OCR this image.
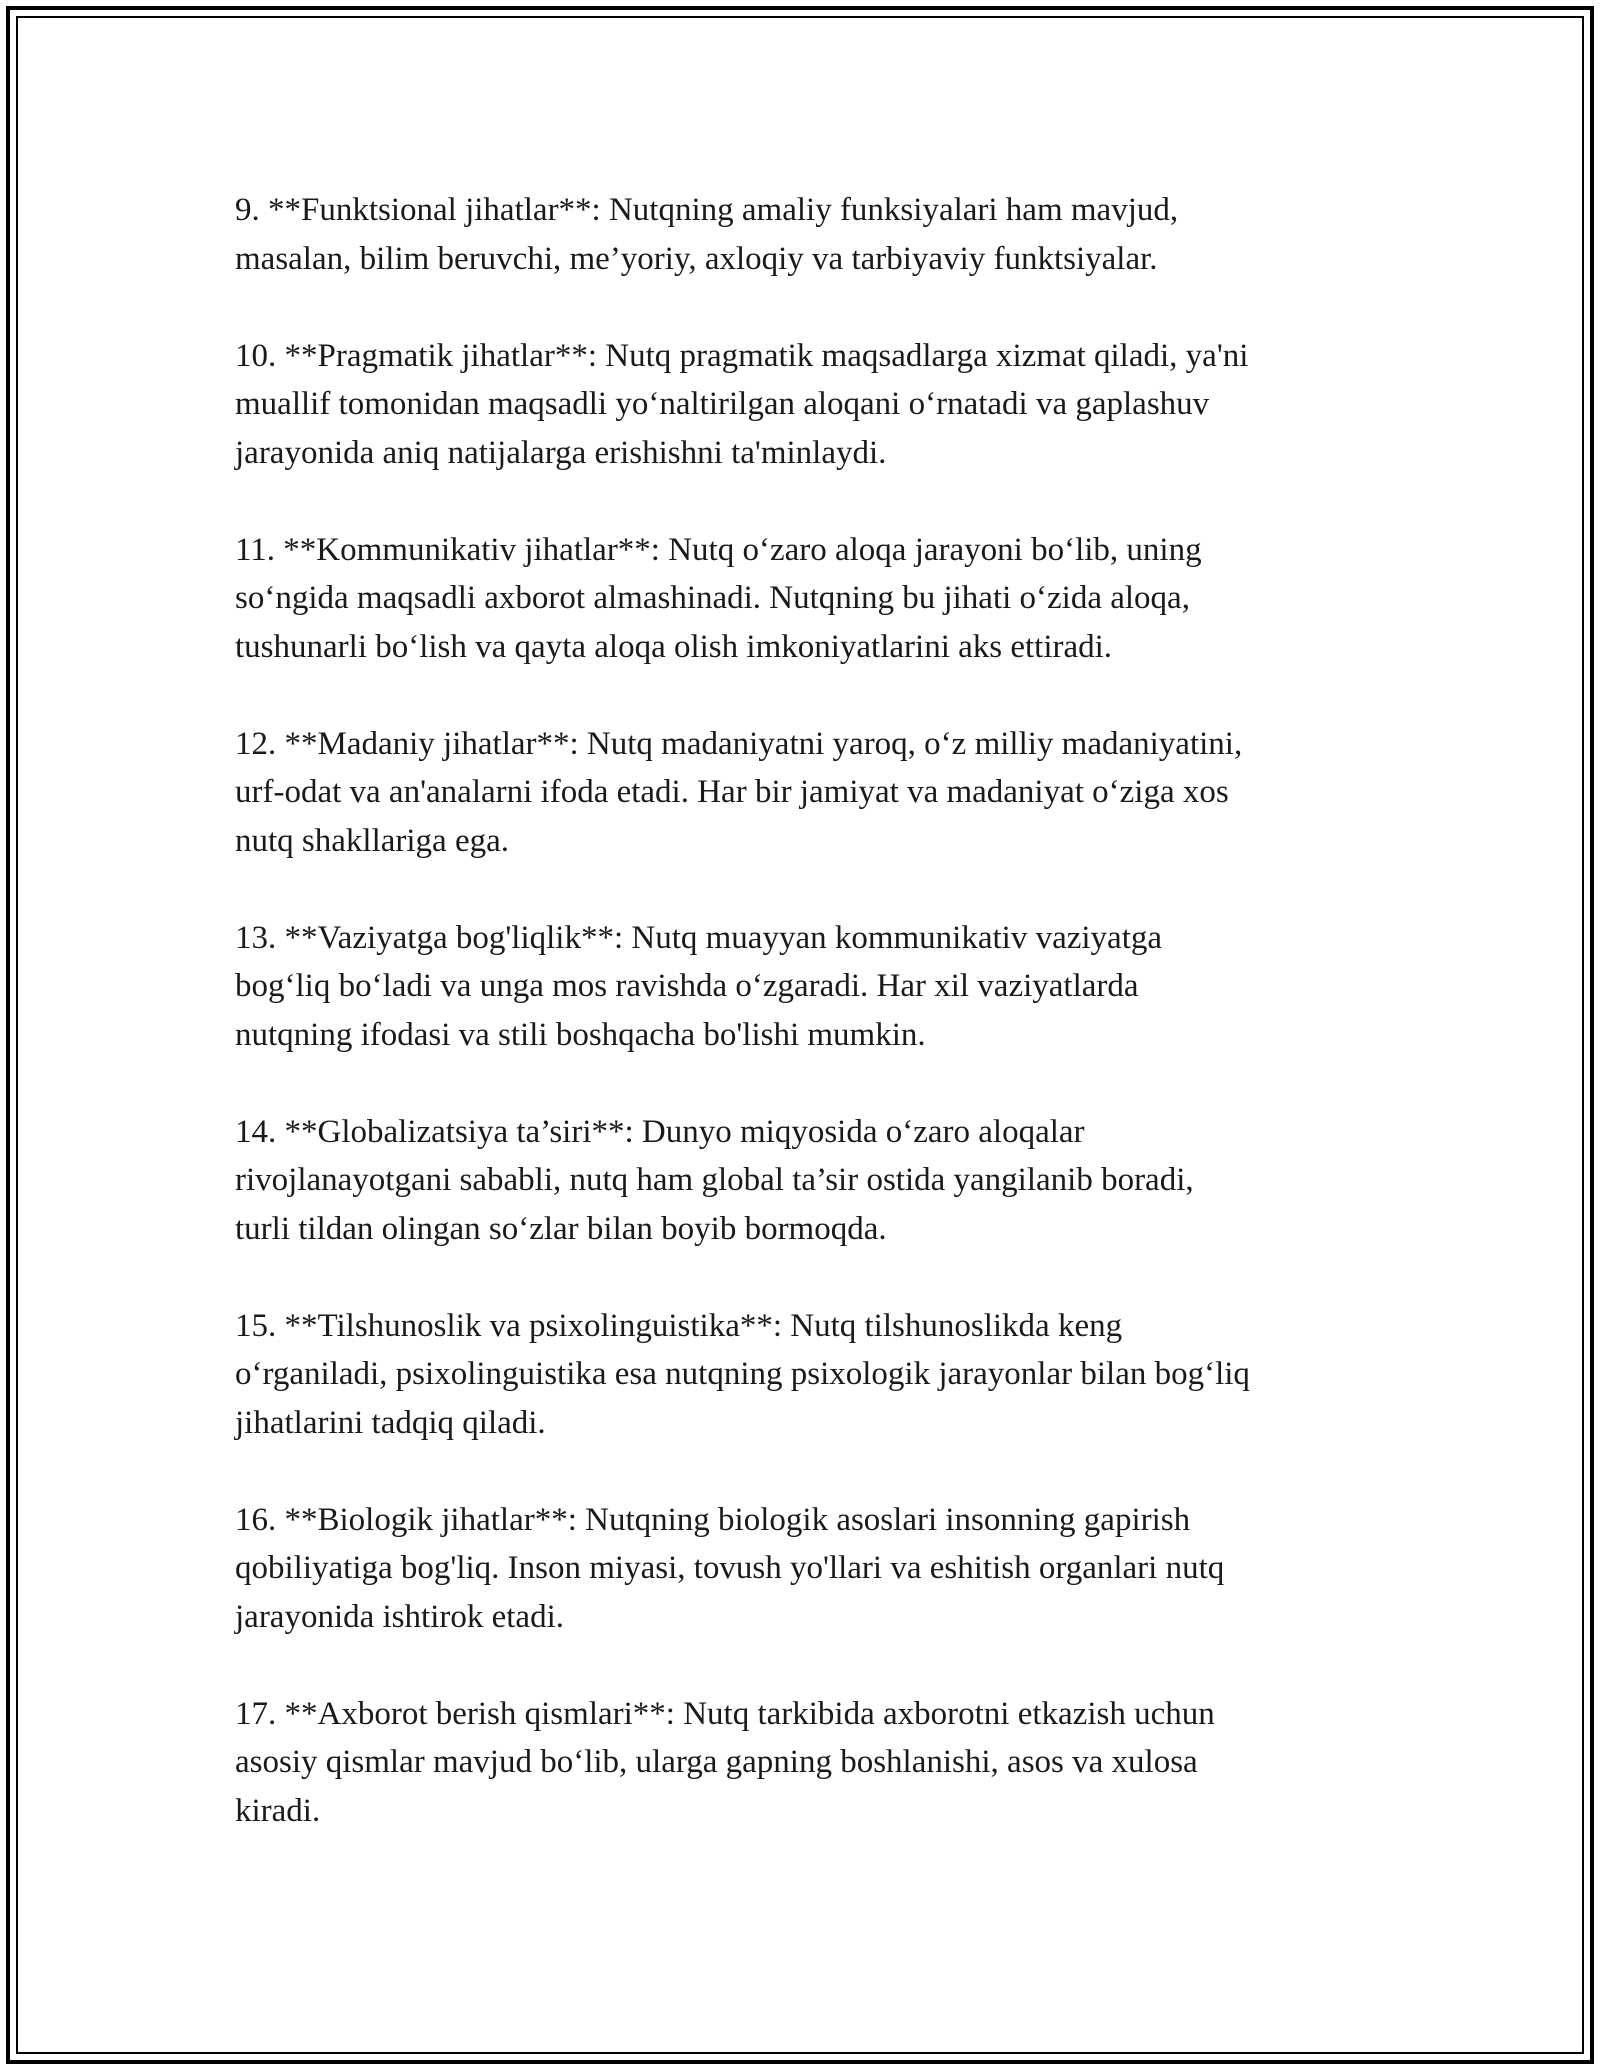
9. **Funktsional jihatlar**: Nutqning amaliy funksiyalari ham mavjud,
masalan, bilim beruvchi, me’yoriy, axloqiy va tarbiyaviy funktsiyalar.
10. **Pragmatik jihatlar**: Nutq pragmatik maqsadlarga xizmat qiladi, ya'ni
muallif tomonidan maqsadli yo‘naltirilgan aloqani o‘rnatadi va gaplashuv
jarayonida aniq natijalarga erishishni ta'minlaydi.
11. **Kommunikativ jihatlar**: Nutq o‘zaro aloqa jarayoni bo‘lib, uning
so‘ngida maqsadli axborot almashinadi. Nutqning bu jihati o‘zida aloqa,
tushunarli bo‘lish va qayta aloqa olish imkoniyatlarini aks ettiradi.
12. **Madaniy jihatlar**: Nutq madaniyatni yaroq, o‘z milliy madaniyatini,
urf-odat va an'analarni ifoda etadi. Har bir jamiyat va madaniyat o‘ziga xos
nutq shakllariga ega.
13. **Vaziyatga bog'liqlik**: Nutq muayyan kommunikativ vaziyatga
bog‘liq bo‘ladi va unga mos ravishda o‘zgaradi. Har xil vaziyatlarda
nutqning ifodasi va stili boshqacha bo'lishi mumkin.
14. **Globalizatsiya ta’siri**: Dunyo miqyosida o‘zaro aloqalar
rivojlanayotgani sababli, nutq ham global ta’sir ostida yangilanib boradi,
turli tildan olingan so‘zlar bilan boyib bormoqda.
15. **Tilshunoslik va psixolinguistika**: Nutq tilshunoslikda keng
o‘rganiladi, psixolinguistika esa nutqning psixologik jarayonlar bilan bog‘liq
jihatlarini tadqiq qiladi.
16. **Biologik jihatlar**: Nutqning biologik asoslari insonning gapirish
qobiliyatiga bog'liq. Inson miyasi, tovush yo'llari va eshitish organlari nutq
jarayonida ishtirok etadi.
17. **Axborot berish qismlari**: Nutq tarkibida axborotni etkazish uchun
asosiy qismlar mavjud bo‘lib, ularga gapning boshlanishi, asos va xulosa
kiradi.
